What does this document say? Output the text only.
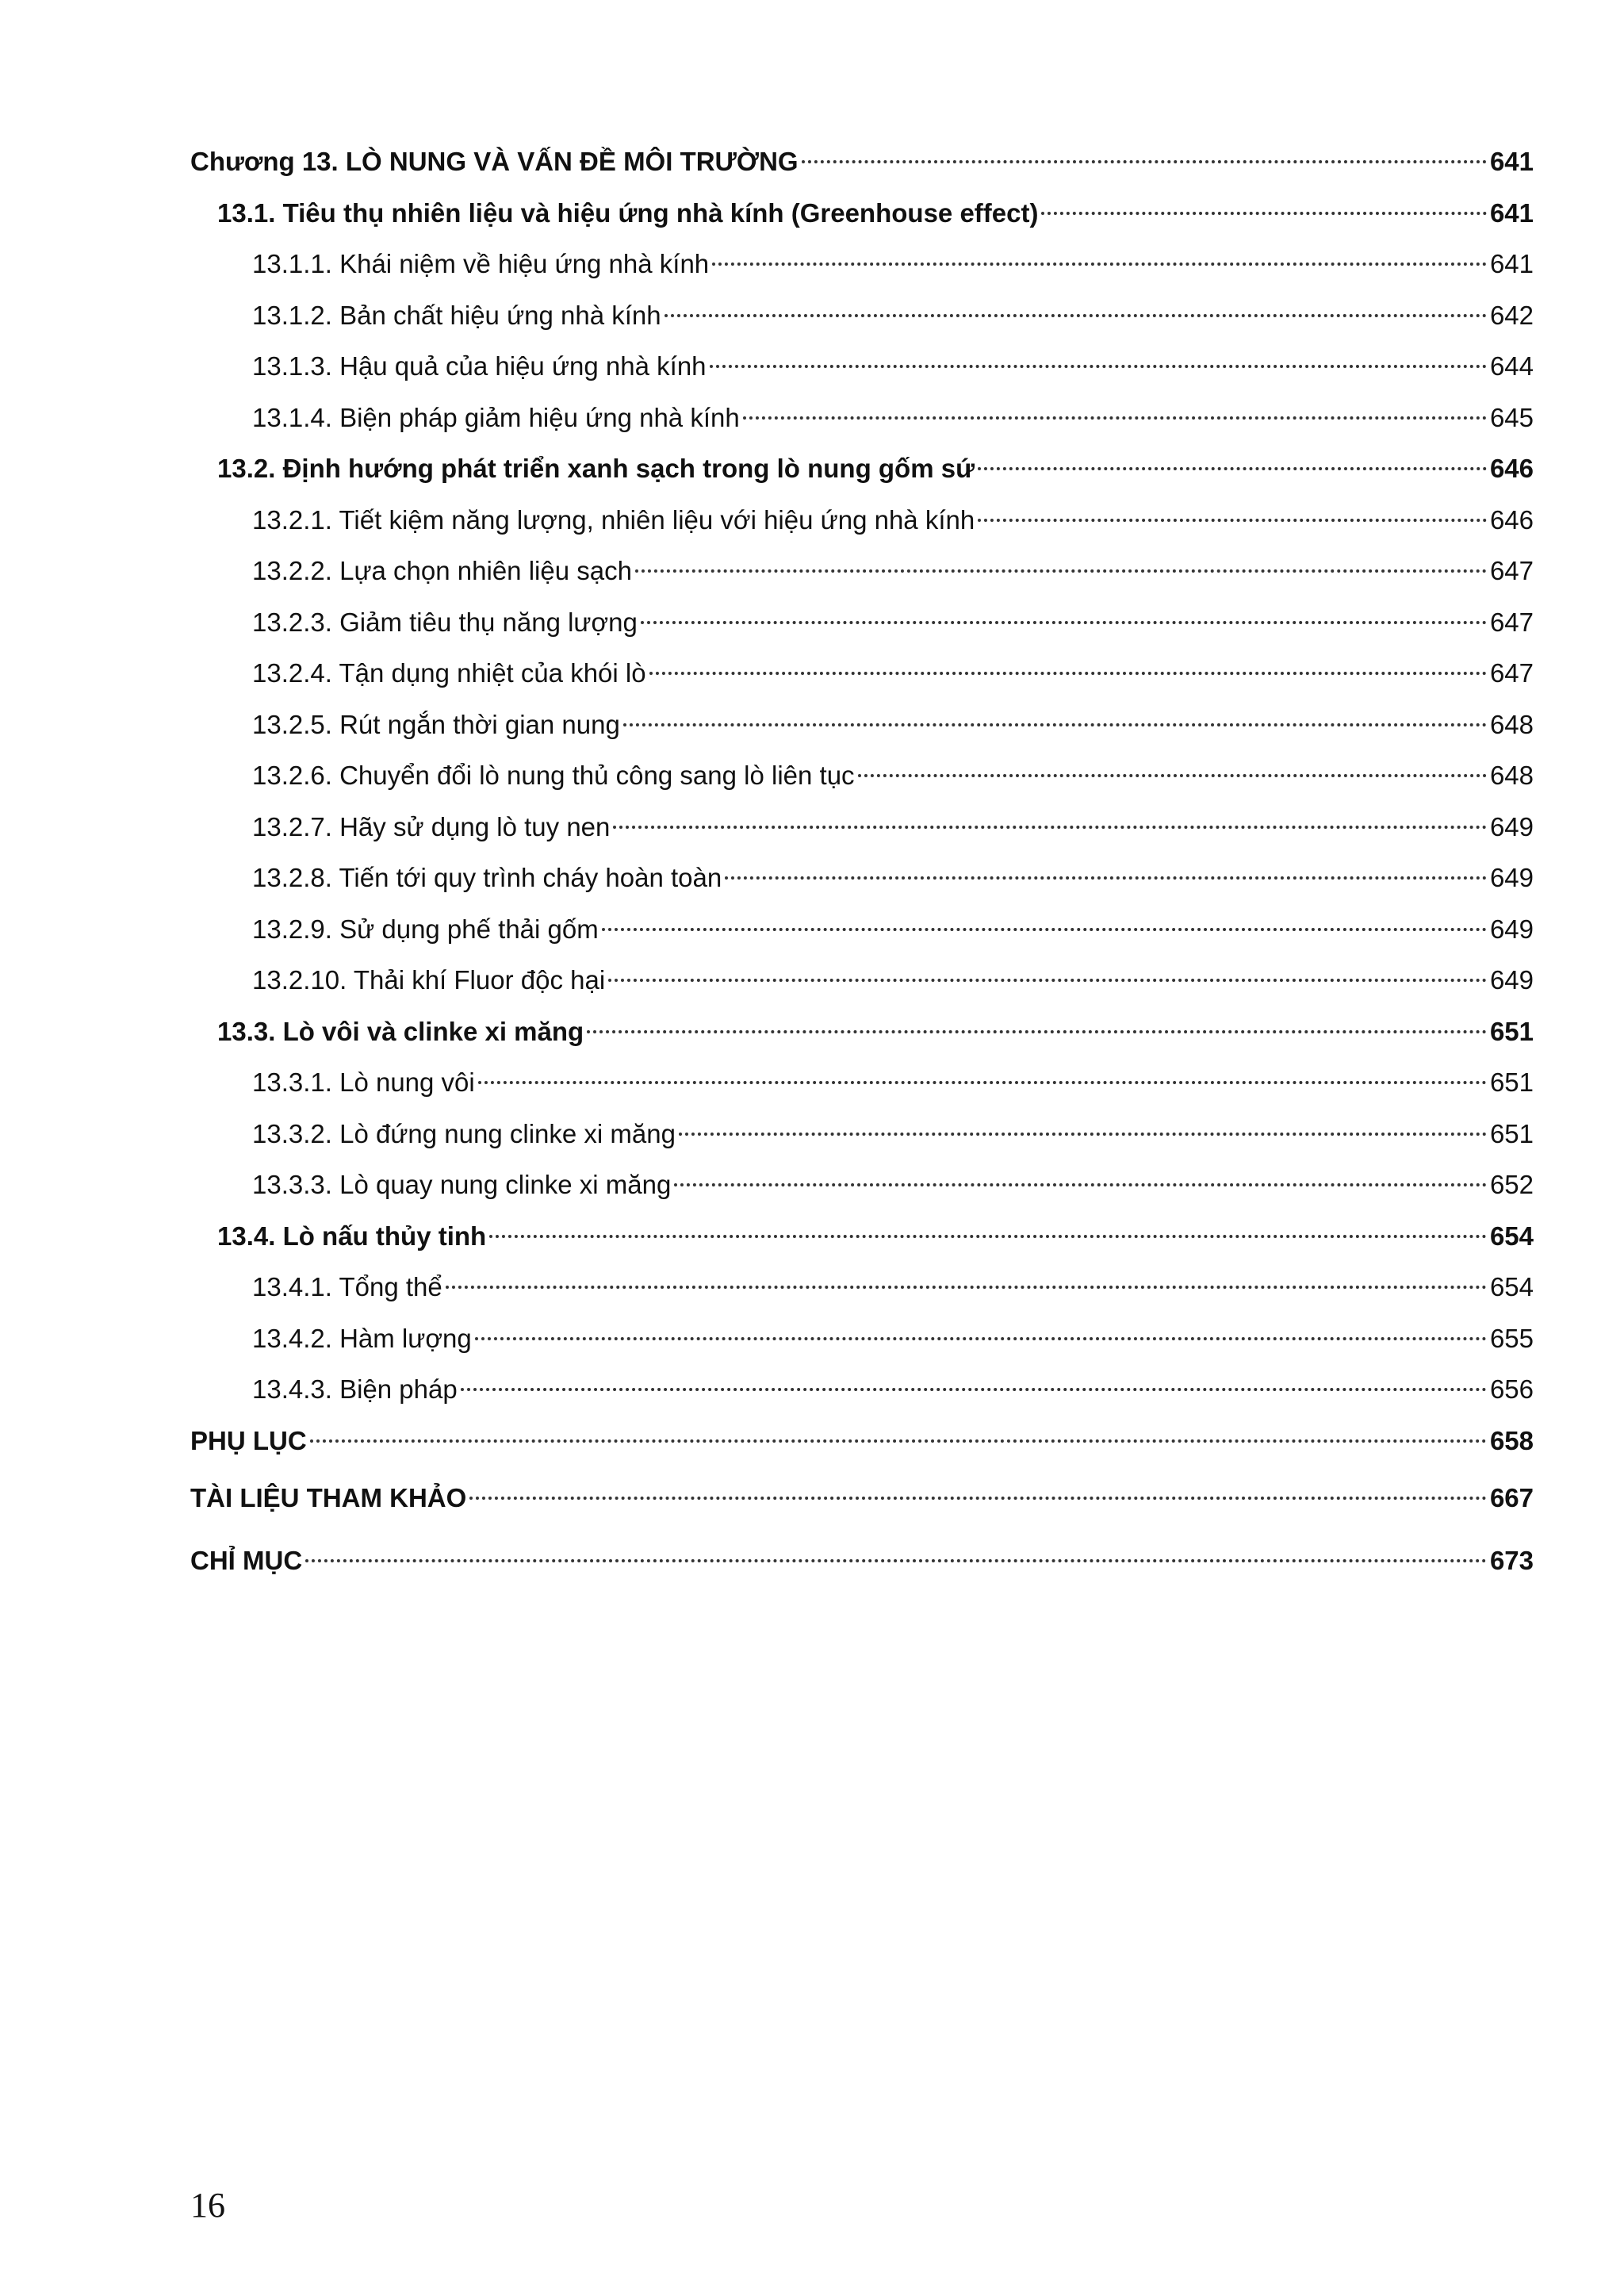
Chương 13. LÒ NUNG VÀ VẤN ĐỀ MÔI TRƯỜNG	641
13.1. Tiêu thụ nhiên liệu và hiệu ứng nhà kính (Greenhouse effect)	641
13.1.1. Khái niệm về hiệu ứng nhà kính	641
13.1.2. Bản chất hiệu ứng nhà kính	642
13.1.3. Hậu quả của hiệu ứng nhà kính	644
13.1.4. Biện pháp giảm hiệu ứng nhà kính	645
13.2. Định hướng phát triển xanh sạch trong lò nung gốm sứ	646
13.2.1. Tiết kiệm năng lượng, nhiên liệu với hiệu ứng nhà kính	646
13.2.2. Lựa chọn nhiên liệu sạch	647
13.2.3. Giảm tiêu thụ năng lượng	647
13.2.4. Tận dụng nhiệt của khói lò	647
13.2.5. Rút ngắn thời gian nung	648
13.2.6. Chuyển đổi lò nung thủ công sang lò liên tục	648
13.2.7. Hãy sử dụng lò tuy nen	649
13.2.8. Tiến tới quy trình cháy hoàn toàn	649
13.2.9. Sử dụng phế thải gốm	649
13.2.10. Thải khí Fluor độc hại	649
13.3. Lò vôi và clinke xi măng	651
13.3.1. Lò nung vôi	651
13.3.2. Lò đứng nung clinke xi măng	651
13.3.3. Lò quay nung clinke xi măng	652
13.4. Lò nấu thủy tinh	654
13.4.1. Tổng thể	654
13.4.2. Hàm lượng	655
13.4.3. Biện pháp	656
PHỤ LỤC	658
TÀI LIỆU THAM KHẢO	667
CHỈ MỤC	673
16
